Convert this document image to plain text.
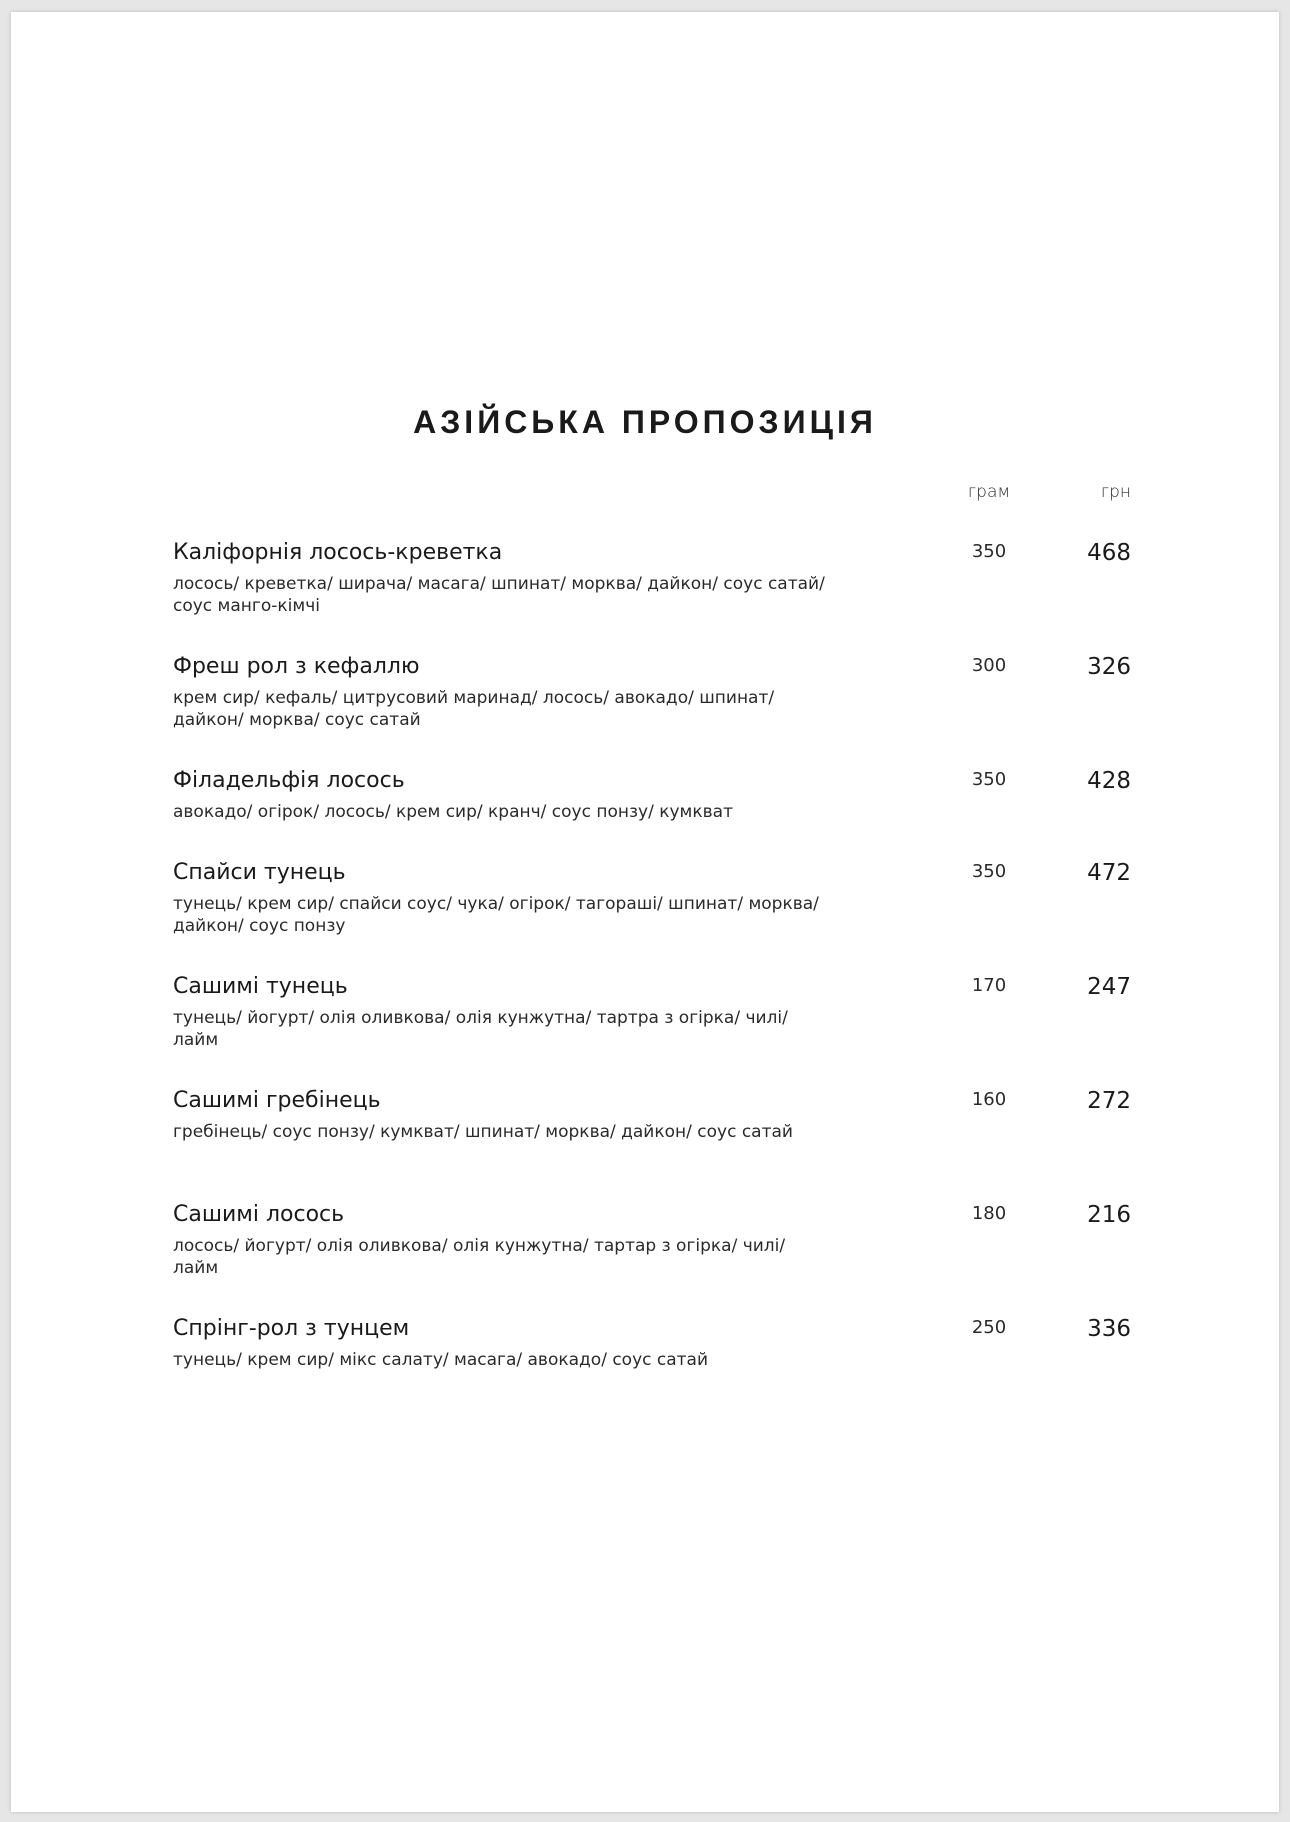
АЗІЙСЬКА ПРОПОЗИЦІЯ
грам	грн
Каліфорнія лосось-креветка
лосось/ креветка/ ширача/ масага/ шпинат/ морква/ дайкон/ соус сатай/ соус манго-кімчі
350	468
Фреш рол з кефаллю
крем сир/ кефаль/ цитрусовий маринад/ лосось/ авокадо/ шпинат/ дайкон/ морква/ соус сатай
300	326
Філадельфія лосось
авокадо/ огірок/ лосось/ крем сир/ кранч/ соус понзу/ кумкват
350	428
Спайси тунець
тунець/ крем сир/ спайси соус/ чука/ огірок/ тагораші/ шпинат/ морква/ дайкон/ соус понзу
350	472
Сашимі тунець
тунець/ йогурт/ олія оливкова/ олія кунжутна/ тартра з огірка/ чилі/ лайм
170	247
Сашимі гребінець
гребінець/ соус понзу/ кумкват/ шпинат/ морква/ дайкон/ соус сатай
160	272
Сашимі лосось
лосось/ йогурт/ олія оливкова/ олія кунжутна/ тартар з огірка/ чилі/ лайм
180	216
Спрінг-рол з тунцем
тунець/ крем сир/ мікс салату/ масага/ авокадо/ соус сатай
250	336
